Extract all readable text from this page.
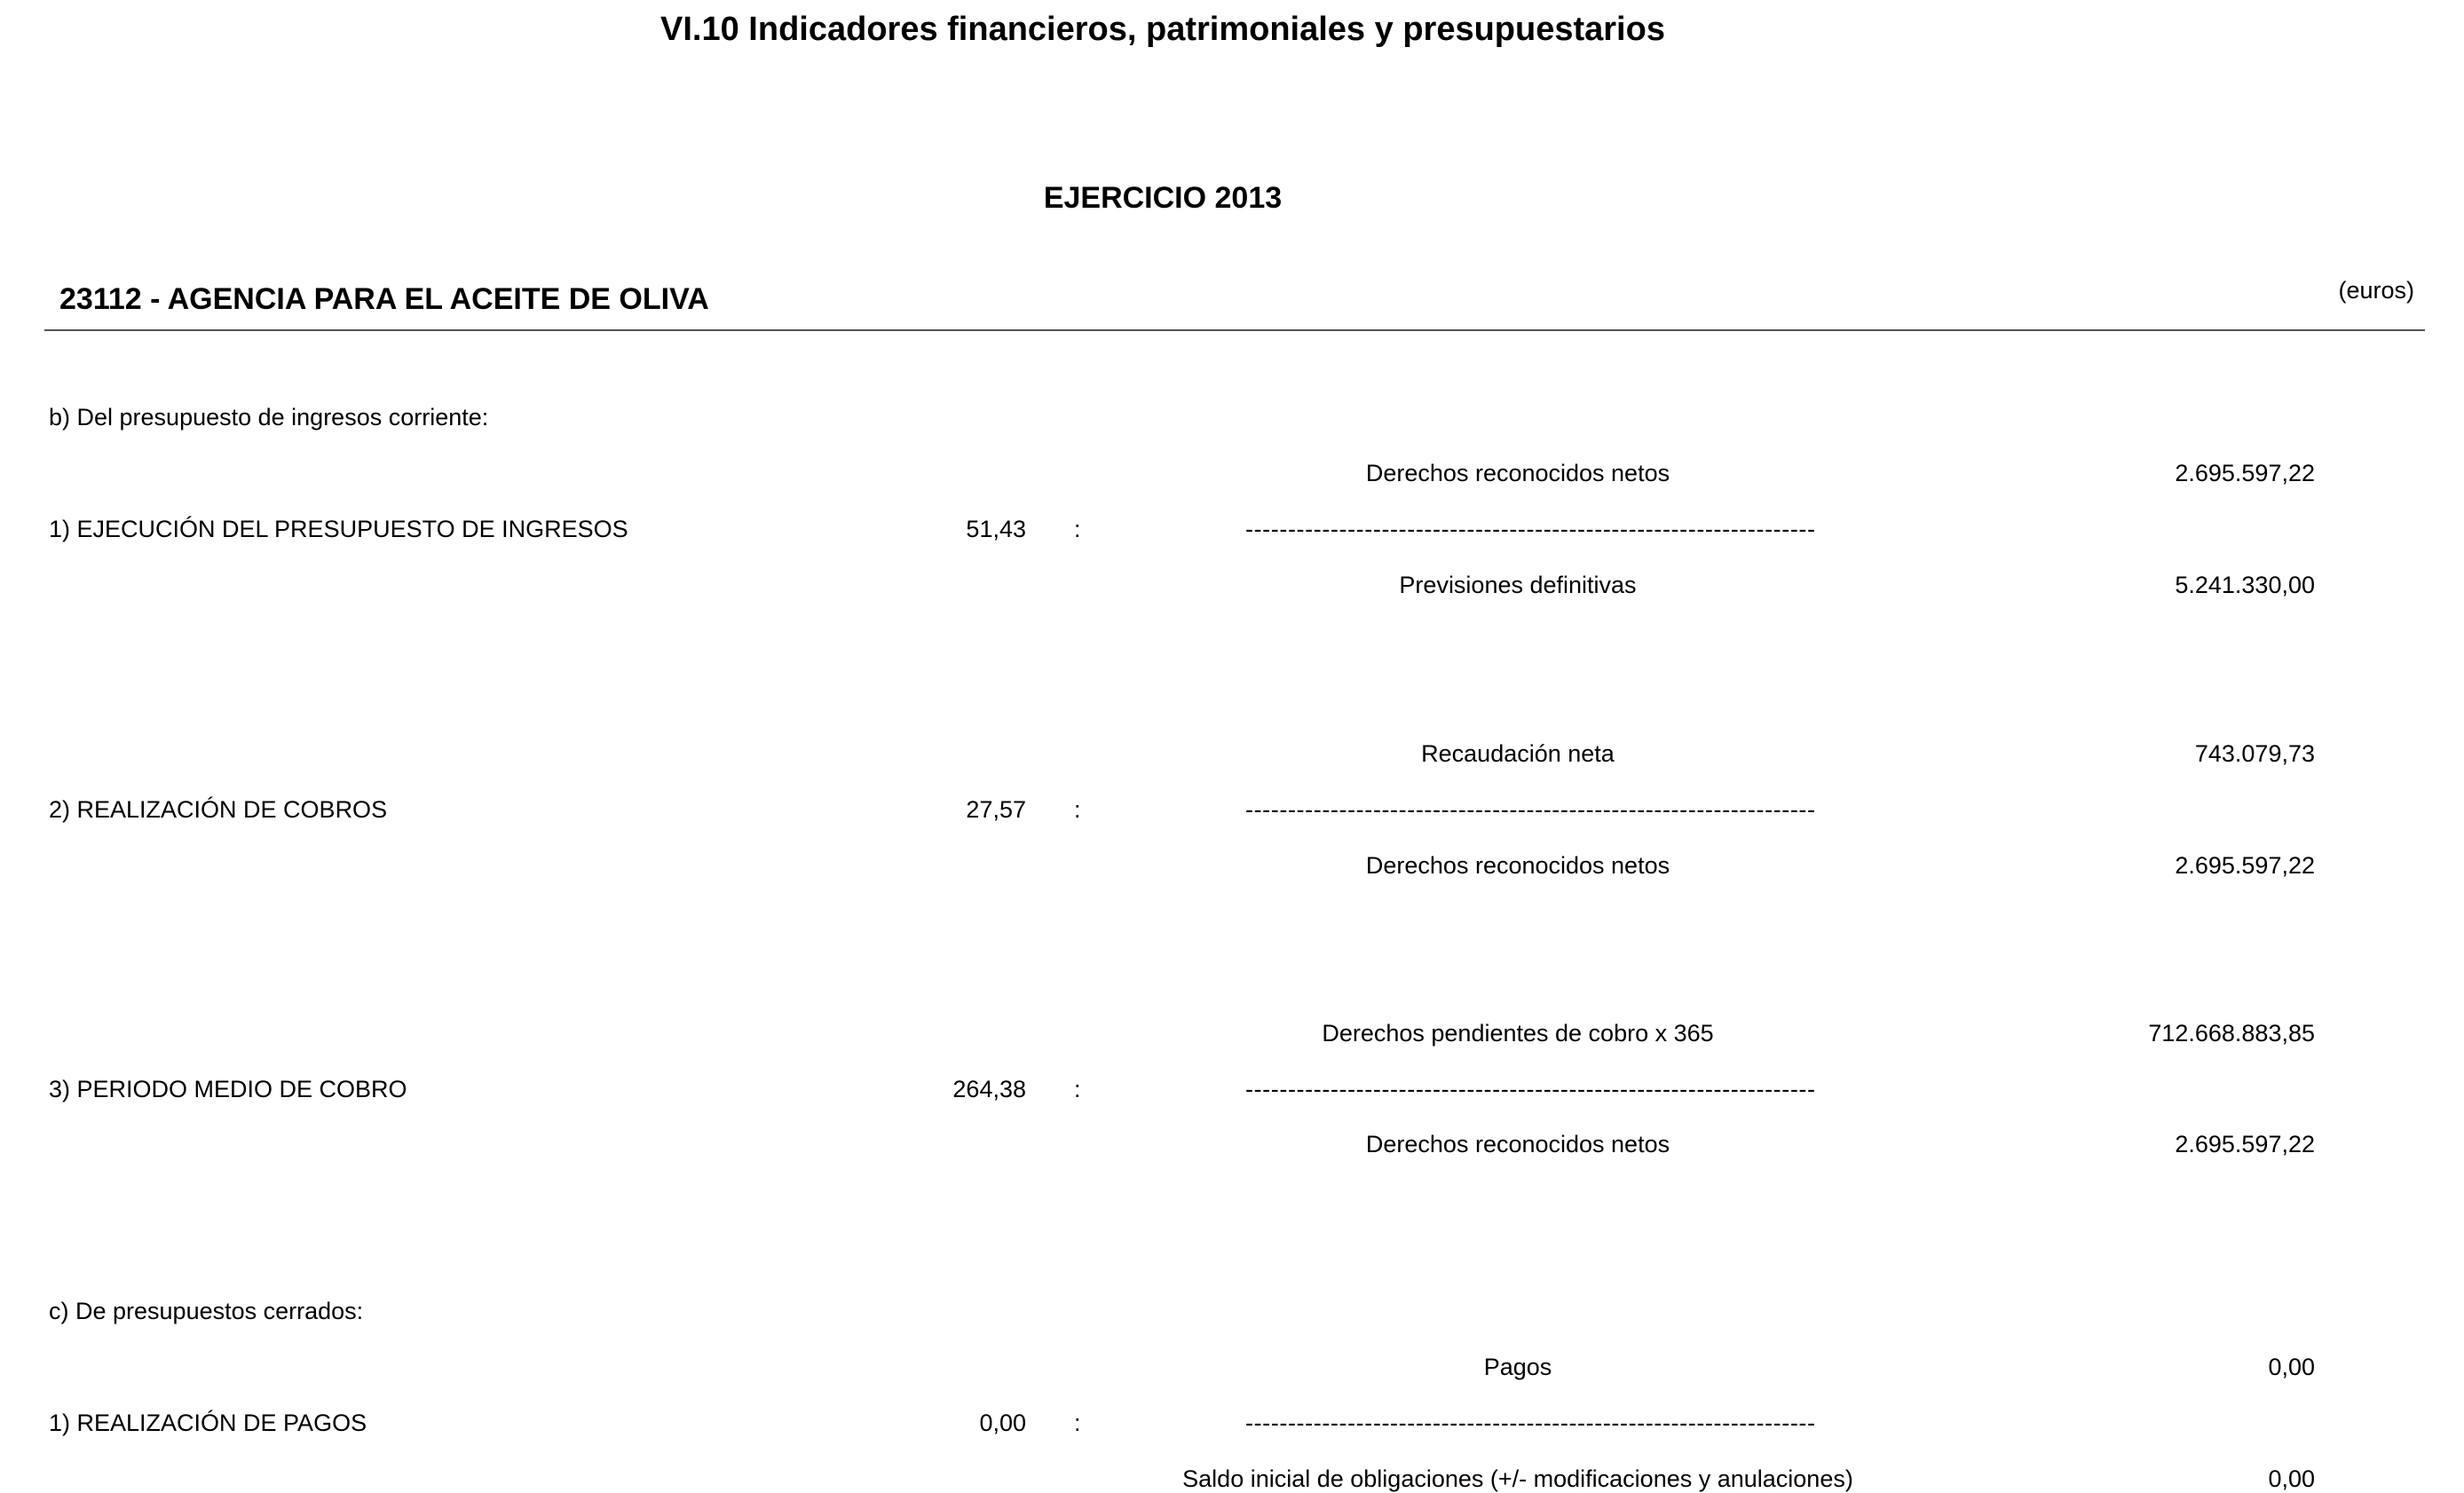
VI.10 Indicadores financieros, patrimoniales y presupuestarios
EJERCICIO 2013
23112 - AGENCIA PARA EL ACEITE DE OLIVA	(euros)
b) Del presupuesto de ingresos corriente:
Derechos reconocidos netos	2.695.597,22
1) EJECUCIÓN DEL PRESUPUESTO DE INGRESOS	51,43 :	-------------------------------------------------------------------
Previsiones definitivas	5.241.330,00
Recaudación neta	743.079,73
2) REALIZACIÓN DE COBROS	27,57 :	-------------------------------------------------------------------
Derechos reconocidos netos	2.695.597,22
Derechos pendientes de cobro x 365	712.668.883,85
3) PERIODO MEDIO DE COBRO	264,38 :	-------------------------------------------------------------------
Derechos reconocidos netos	2.695.597,22
c) De presupuestos cerrados:
Pagos	0,00
1) REALIZACIÓN DE PAGOS	0,00 :	-------------------------------------------------------------------
Saldo inicial de obligaciones (+/- modificaciones y anulaciones)	0,00
